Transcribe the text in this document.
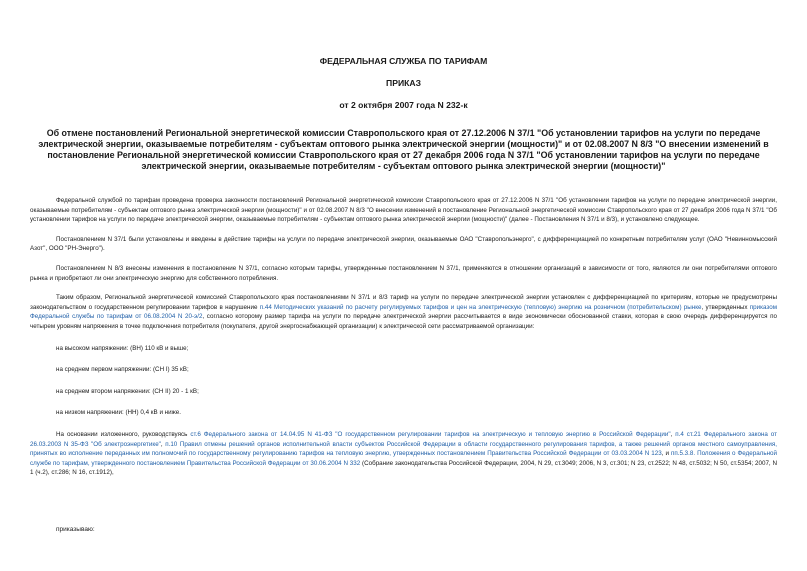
ФЕДЕРАЛЬНАЯ СЛУЖБА ПО ТАРИФАМ

ПРИКАЗ

от 2 октября 2007 года N 232-к

Об отмене постановлений Региональной энергетической комиссии Ставропольского края от 27.12.2006 N 37/1 "Об установлении тарифов на услуги по передаче электрической энергии, оказываемые потребителям - субъектам оптового рынка электрической энергии (мощности)" и от 02.08.2007 N 8/3 "О внесении изменений в постановление Региональной энергетической комиссии Ставропольского края от 27 декабря 2006 года N 37/1 "Об установлении тарифов на услуги по передаче электрической энергии, оказываемые потребителям - субъектам оптового рынка электрической энергии (мощности)"

Федеральной службой по тарифам проведена проверка законности постановлений Региональной энергетической комиссии Ставропольского края от 27.12.2006 N 37/1 "Об установлении тарифов на услуги по передаче электрической энергии, оказываемые потребителям - субъектам оптового рынка электрической энергии (мощности)" и от 02.08.2007 N 8/3 "О внесении изменений в постановление Региональной энергетической комиссии Ставропольского края от 27 декабря 2006 года N 37/1 "Об установлении тарифов на услуги по передаче электрической энергии, оказываемые потребителям - субъектам оптового рынка электрической энергии (мощности)" (далее - Постановления N 37/1 и 8/3), и установлено следующее.

Постановлением N 37/1 были установлены и введены в действие тарифы на услуги по передаче электрической энергии, оказываемые ОАО "Ставропольэнерго", с дифференциацией по конкретным потребителям услуг (ОАО "Невинномысский Азот", ООО "РН-Энерго").

Постановлением N 8/3 внесены изменения в постановление N 37/1, согласно которым тарифы, утвержденные постановлением N 37/1, применяются в отношении организаций в зависимости от того, являются ли они потребителями оптового рынка и приобретают ли они электрическую энергию для собственного потребления.

Таким образом, Региональной энергетической комиссией Ставропольского края постановлениями N 37/1 и 8/3 тариф на услуги по передаче электрической энергии установлен с дифференциацией по критериям, которые не предусмотрены законодательством о государственном регулировании тарифов в нарушение п.44 Методических указаний по расчету регулируемых тарифов и цен на электрическую (тепловую) энергию на розничном (потребительском) рынке, утвержденных приказом Федеральной службы по тарифам от 06.08.2004 N 20-э/2, согласно которому размер тарифа на услуги по передаче электрической энергии рассчитывается в виде экономически обоснованной ставки, которая в свою очередь дифференцируется по четырем уровням напряжения в точке подключения потребителя (покупателя, другой энергоснабжающей организации) к электрической сети рассматриваемой организации:

на высоком напряжении: (ВН) 110 кВ и выше;

на среднем первом напряжении: (СН I) 35 кВ;

на среднем втором напряжении: (СН II) 20 - 1 кВ;

на низком напряжении: (НН) 0,4 кВ и ниже.

На основании изложенного, руководствуясь ст.6 Федерального закона от 14.04.95 N 41-ФЗ "О государственном регулировании тарифов на электрическую и тепловую энергию в Российской Федерации", п.4 ст.21 Федерального закона от 26.03.2003 N 35-ФЗ "Об электроэнергетике", п.10 Правил отмены решений органов исполнительной власти субъектов Российской Федерации в области государственного регулирования тарифов, а также решений органов местного самоуправления, принятых во исполнение переданных им полномочий по государственному регулированию тарифов на тепловую энергию, утвержденных постановлением Правительства Российской Федерации от 03.03.2004 N 123, и пп.5.3.8. Положения о Федеральной службе по тарифам, утвержденного постановлением Правительства Российской Федерации от 30.06.2004 N 332 (Собрание законодательства Российской Федерации, 2004, N 29, ст.3049; 2006, N 3, ст.301; N 23, ст.2522; N 48, ст.5032; N 50, ст.5354; 2007, N 1 (ч.2), ст.286; N 16, ст.1912),

приказываю:
